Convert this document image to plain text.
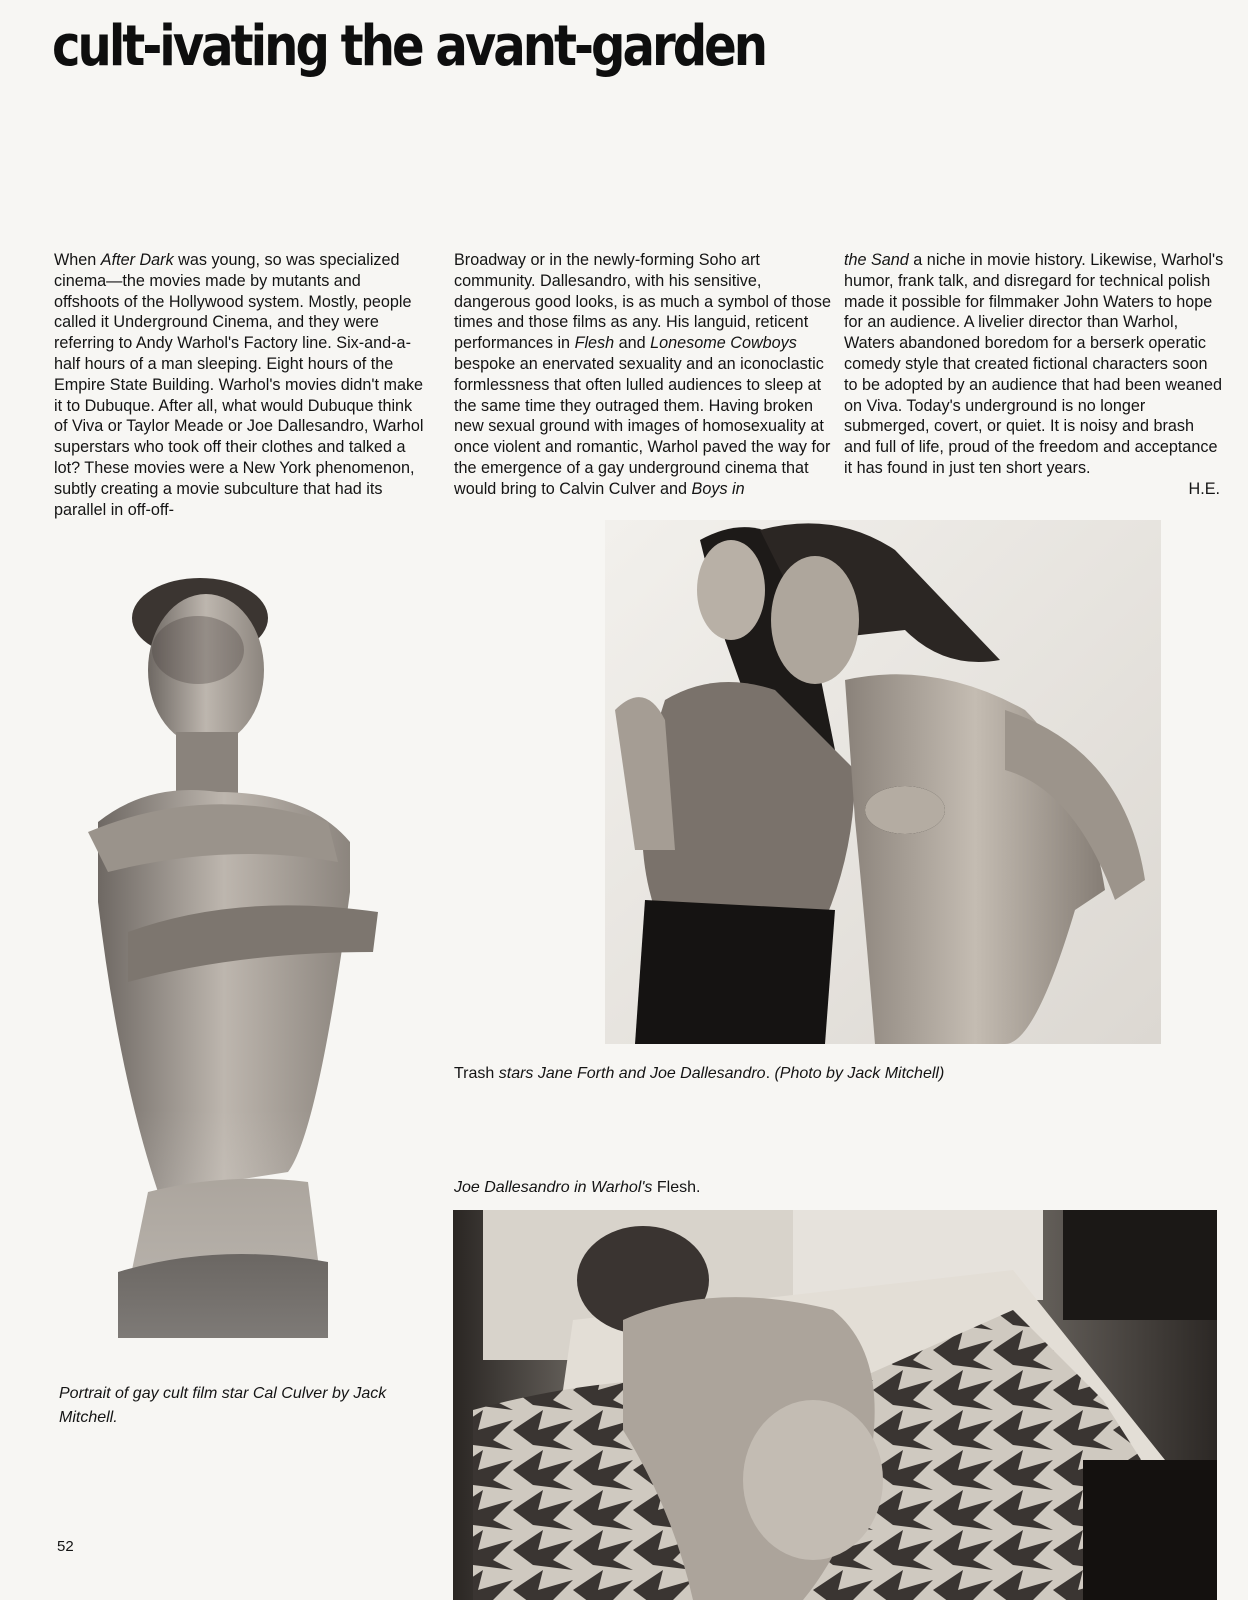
cult-ivating the avant-garden

When After Dark was young, so was specialized cinema—the movies made by mutants and offshoots of the Hollywood system. Mostly, people called it Underground Cinema, and they were referring to Andy Warhol's Factory line. Six-and-a-half hours of a man sleeping. Eight hours of the Empire State Building. Warhol's movies didn't make it to Dubuque. After all, what would Dubuque think of Viva or Taylor Meade or Joe Dallesandro, Warhol superstars who took off their clothes and talked a lot? These movies were a New York phenomenon, subtly creating a movie subculture that had its parallel in off-off-

Broadway or in the newly-forming Soho art community. Dallesandro, with his sensitive, dangerous good looks, is as much a symbol of those times and those films as any. His languid, reticent performances in Flesh and Lonesome Cowboys bespoke an enervated sexuality and an iconoclastic formlessness that often lulled audiences to sleep at the same time they outraged them. Having broken new sexual ground with images of homosexuality at once violent and romantic, Warhol paved the way for the emergence of a gay underground cinema that would bring to Calvin Culver and Boys in

the Sand a niche in movie history. Likewise, Warhol's humor, frank talk, and disregard for technical polish made it possible for filmmaker John Waters to hope for an audience. A livelier director than Warhol, Waters abandoned boredom for a berserk operatic comedy style that created fictional characters soon to be adopted by an audience that had been weaned on Viva. Today's underground is no longer submerged, covert, or quiet. It is noisy and brash and full of life, proud of the freedom and acceptance it has found in just ten short years.

H.E.
Trash stars Jane Forth and Joe Dallesandro. (Photo by Jack Mitchell)
Joe Dallesandro in Warhol's Flesh.
Portrait of gay cult film star Cal Culver by Jack Mitchell.
52
